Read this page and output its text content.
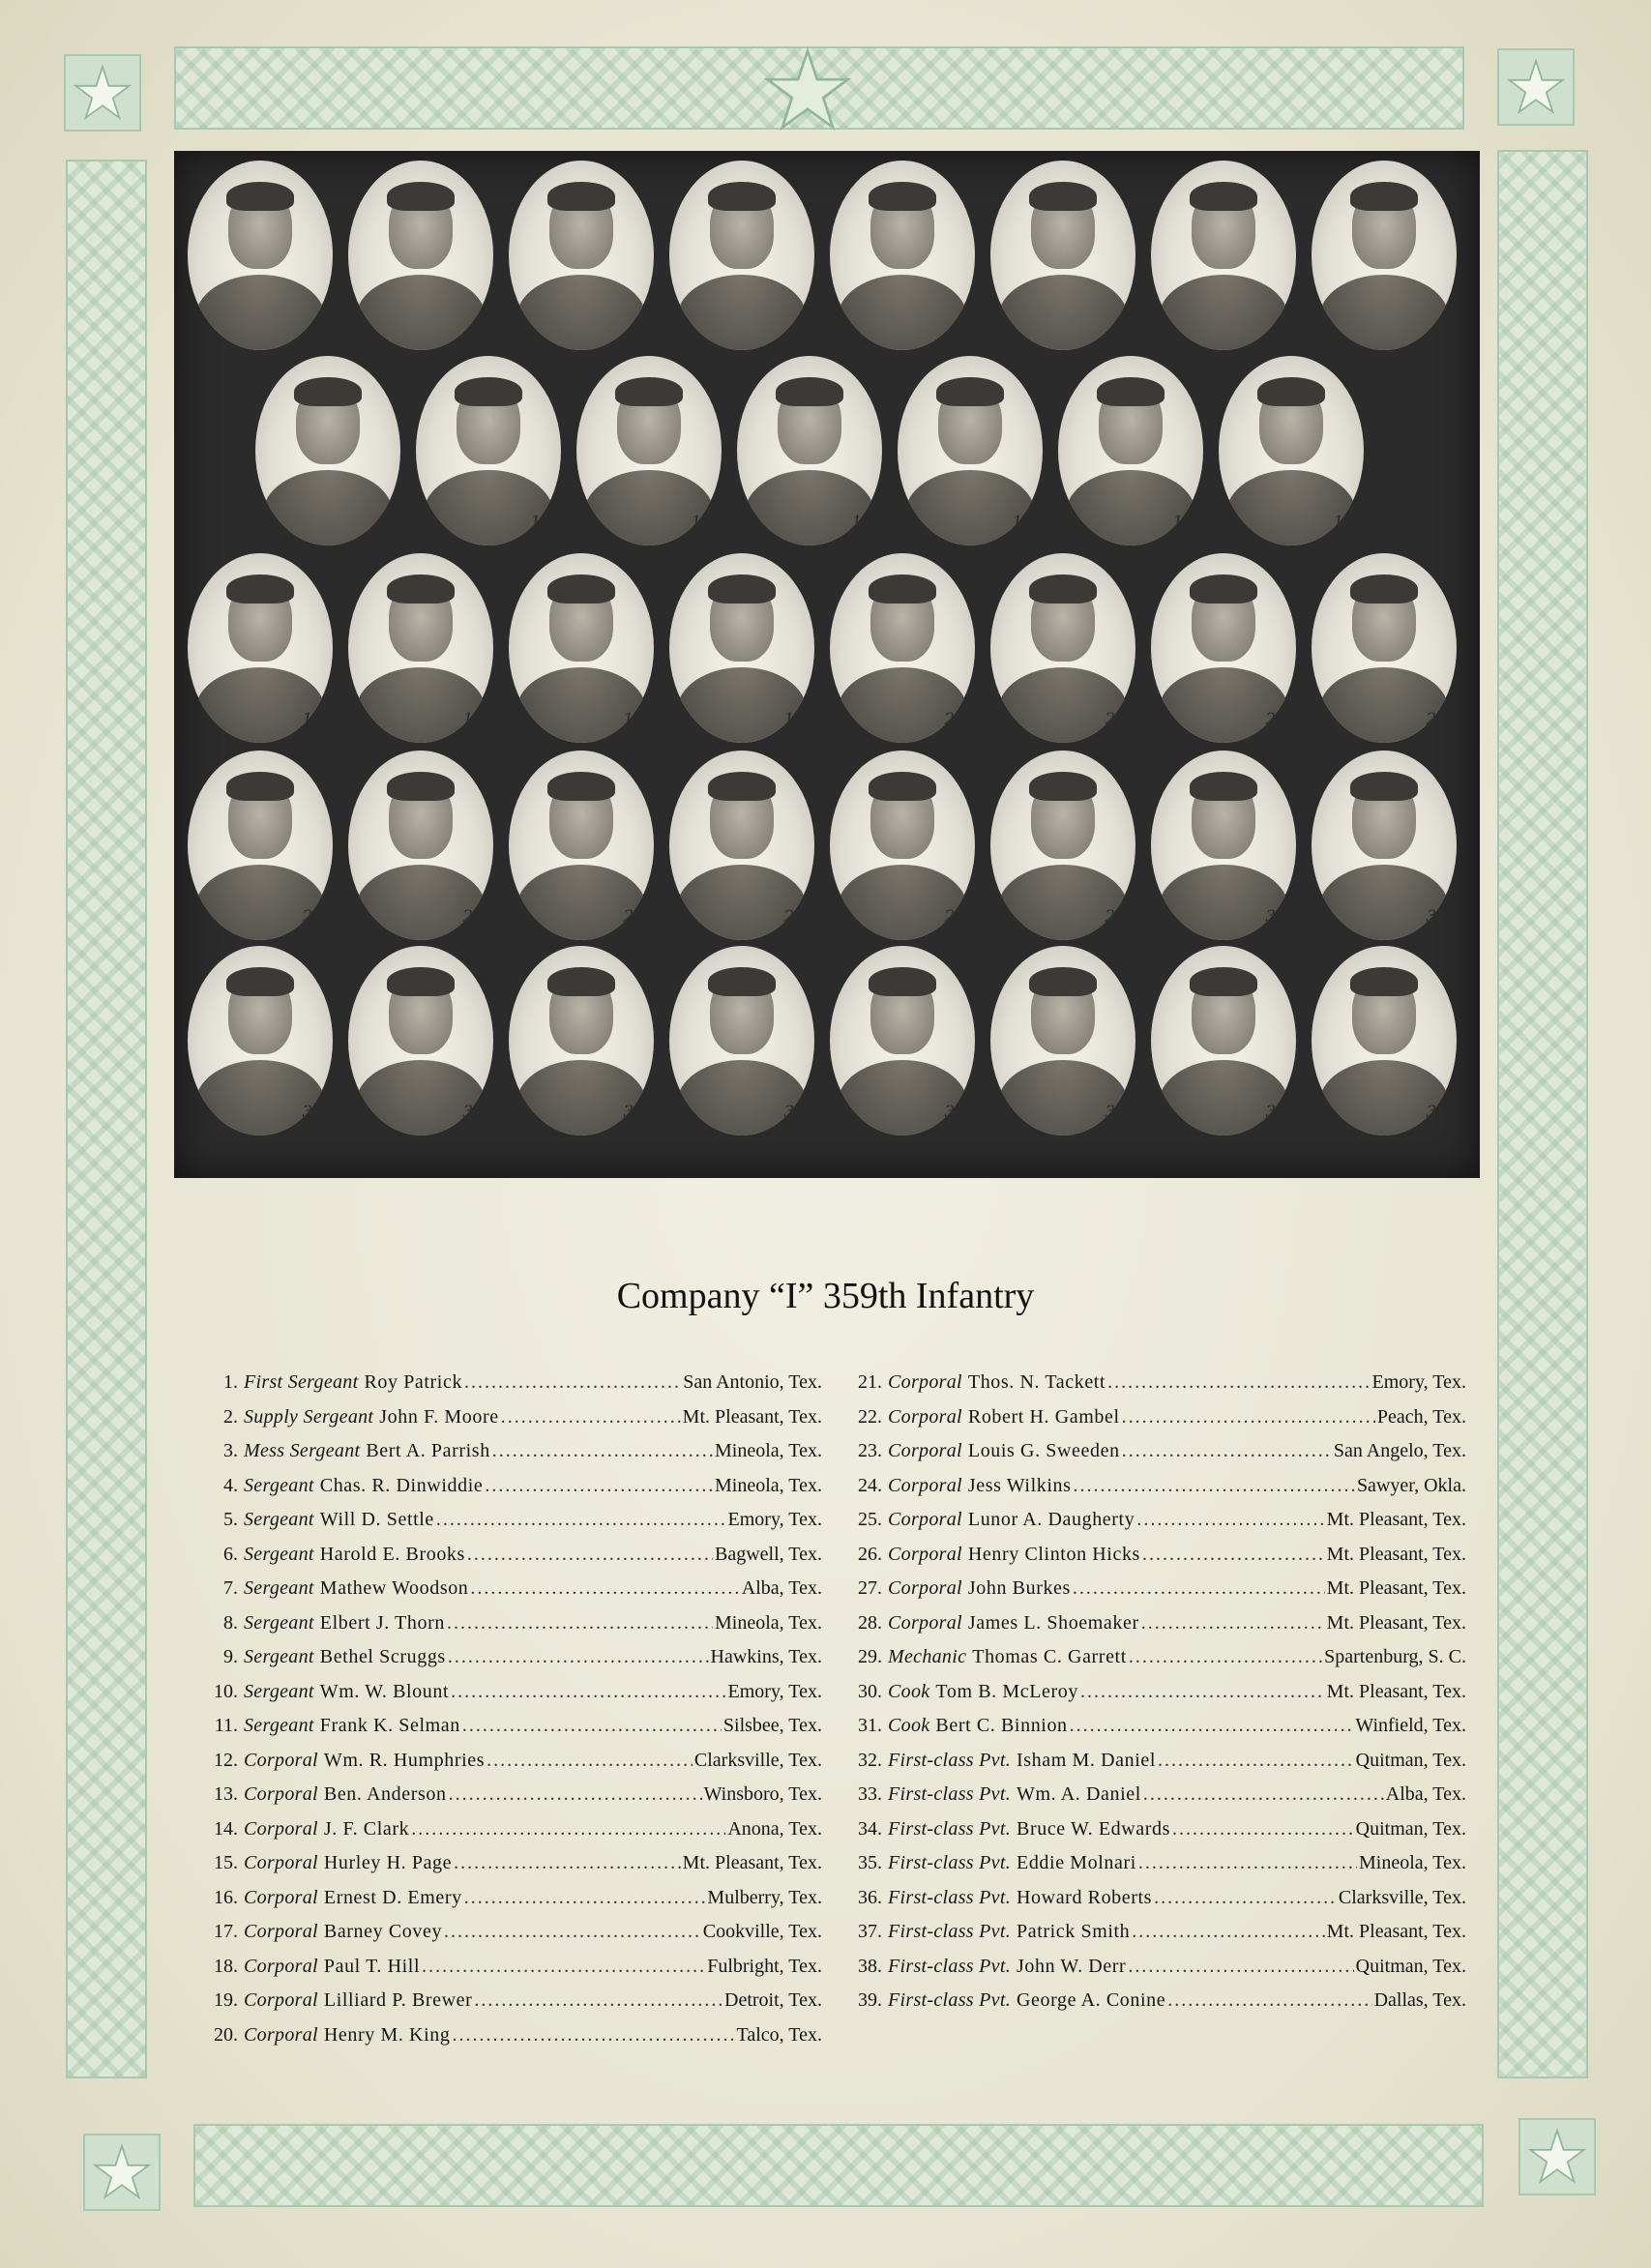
1	2	3	4	5	6	7	8
9	10	11	12	13	14	15
16	17	18	19	20	21	22	23
24	25	26	27	28	29	30	31
32	33	34	35	36	37	38	39
Company “I” 359th Infantry
1. First Sergeant Roy Patrick .....	San Antonio, Tex.
2. Supply Sergeant John F. Moore .....	Mt. Pleasant, Tex.
3. Mess Sergeant Bert A. Parrish .....	Mineola, Tex.
4. Sergeant Chas. R. Dinwiddie .....	Mineola, Tex.
5. Sergeant Will D. Settle .....	Emory, Tex.
6. Sergeant Harold E. Brooks .....	Bagwell, Tex.
7. Sergeant Mathew Woodson .....	Alba, Tex.
8. Sergeant Elbert J. Thorn .....	Mineola, Tex.
9. Sergeant Bethel Scruggs .....	Hawkins, Tex.
10. Sergeant Wm. W. Blount .....	Emory, Tex.
11. Sergeant Frank K. Selman .....	Silsbee, Tex.
12. Corporal Wm. R. Humphries .....	Clarksville, Tex.
13. Corporal Ben. Anderson .....	Winsboro, Tex.
14. Corporal J. F. Clark .....	Anona, Tex.
15. Corporal Hurley H. Page .....	Mt. Pleasant, Tex.
16. Corporal Ernest D. Emery .....	Mulberry, Tex.
17. Corporal Barney Covey .....	Cookville, Tex.
18. Corporal Paul T. Hill .....	Fulbright, Tex.
19. Corporal Lilliard P. Brewer .....	Detroit, Tex.
20. Corporal Henry M. King .....	Talco, Tex.
21. Corporal Thos. N. Tackett .....	Emory, Tex.
22. Corporal Robert H. Gambel .....	Peach, Tex.
23. Corporal Louis G. Sweeden .....	San Angelo, Tex.
24. Corporal Jess Wilkins .....	Sawyer, Okla.
25. Corporal Lunor A. Daugherty .....	Mt. Pleasant, Tex.
26. Corporal Henry Clinton Hicks .....	Mt. Pleasant, Tex.
27. Corporal John Burkes .....	Mt. Pleasant, Tex.
28. Corporal James L. Shoemaker .....	Mt. Pleasant, Tex.
29. Mechanic Thomas C. Garrett .....	Spartenburg, S. C.
30. Cook Tom B. McLeroy .....	Mt. Pleasant, Tex.
31. Cook Bert C. Binnion .....	Winfield, Tex.
32. First-class Pvt. Isham M. Daniel .....	Quitman, Tex.
33. First-class Pvt. Wm. A. Daniel .....	Alba, Tex.
34. First-class Pvt. Bruce W. Edwards .....	Quitman, Tex.
35. First-class Pvt. Eddie Molnari .....	Mineola, Tex.
36. First-class Pvt. Howard Roberts .....	Clarksville, Tex.
37. First-class Pvt. Patrick Smith .....	Mt. Pleasant, Tex.
38. First-class Pvt. John W. Derr .....	Quitman, Tex.
39. First-class Pvt. George A. Conine .....	Dallas, Tex.
